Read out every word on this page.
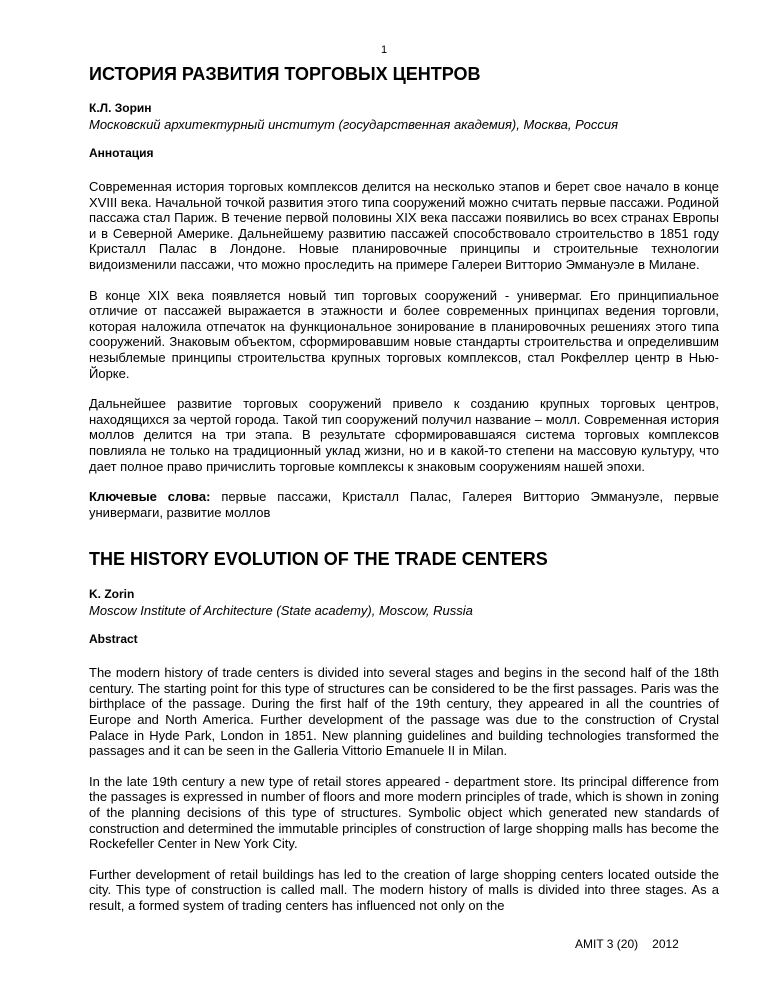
1
ИСТОРИЯ РАЗВИТИЯ ТОРГОВЫХ ЦЕНТРОВ
К.Л. Зорин
Московский архитектурный институт (государственная академия), Москва, Россия
Аннотация

Современная история торговых комплексов делится на несколько этапов и берет свое начало в конце XVIII века. Начальной точкой развития этого типа сооружений можно считать первые пассажи. Родиной пассажа стал Париж. В течение первой половины XIX века пассажи появились во всех странах Европы и в Северной Америке. Дальнейшему развитию пассажей способствовало строительство в 1851 году Кристалл Палас в Лондоне. Новые планировочные принципы и строительные технологии видоизменили пассажи, что можно проследить на примере Галереи Витторио Эммануэле в Милане.

В конце XIX века появляется новый тип торговых сооружений - универмаг. Его принципиальное отличие от пассажей выражается в этажности и более современных принципах ведения торговли, которая наложила отпечаток на функциональное зонирование в планировочных решениях этого типа сооружений. Знаковым объектом, сформировавшим новые стандарты строительства и определившим незыблемые принципы строительства крупных торговых комплексов, стал Рокфеллер центр в Нью-Йорке.

Дальнейшее развитие торговых сооружений привело к созданию крупных торговых центров, находящихся за чертой города. Такой тип сооружений получил название – молл. Современная история моллов делится на три этапа. В результате сформировавшаяся система торговых комплексов повлияла не только на традиционный уклад жизни, но и в какой-то степени на массовую культуру, что дает полное право причислить торговые комплексы к знаковым сооружениям нашей эпохи.

Ключевые слова: первые пассажи, Кристалл Палас, Галерея Витторио Эммануэле, первые универмаги, развитие моллов

THE HISTORY EVOLUTION OF THE TRADE CENTERS
K. Zorin
Moscow Institute of Architecture (State academy), Moscow, Russia
Abstract

The modern history of trade centers is divided into several stages and begins in the second half of the 18th century. The starting point for this type of structures can be considered to be the first passages. Paris was the birthplace of the passage. During the first half of the 19th century, they appeared in all the countries of Europe and North America. Further development of the passage was due to the construction of Crystal Palace in Hyde Park, London in 1851. New planning guidelines and building technologies transformed the passages and it can be seen in the Galleria Vittorio Emanuele II in Milan.

In the late 19th century a new type of retail stores appeared - department store. Its principal difference from the passages is expressed in number of floors and more modern principles of trade, which is shown in zoning of the planning decisions of this type of structures. Symbolic object which generated new standards of construction and determined the immutable principles of construction of large shopping malls has become the Rockefeller Center in New York City.

Further development of retail buildings has led to the creation of large shopping centers located outside the city. This type of construction is called mall. The modern history of malls is divided into three stages. As a result, a formed system of trading centers has influenced not only on the

AMIT 3 (20) 2012
